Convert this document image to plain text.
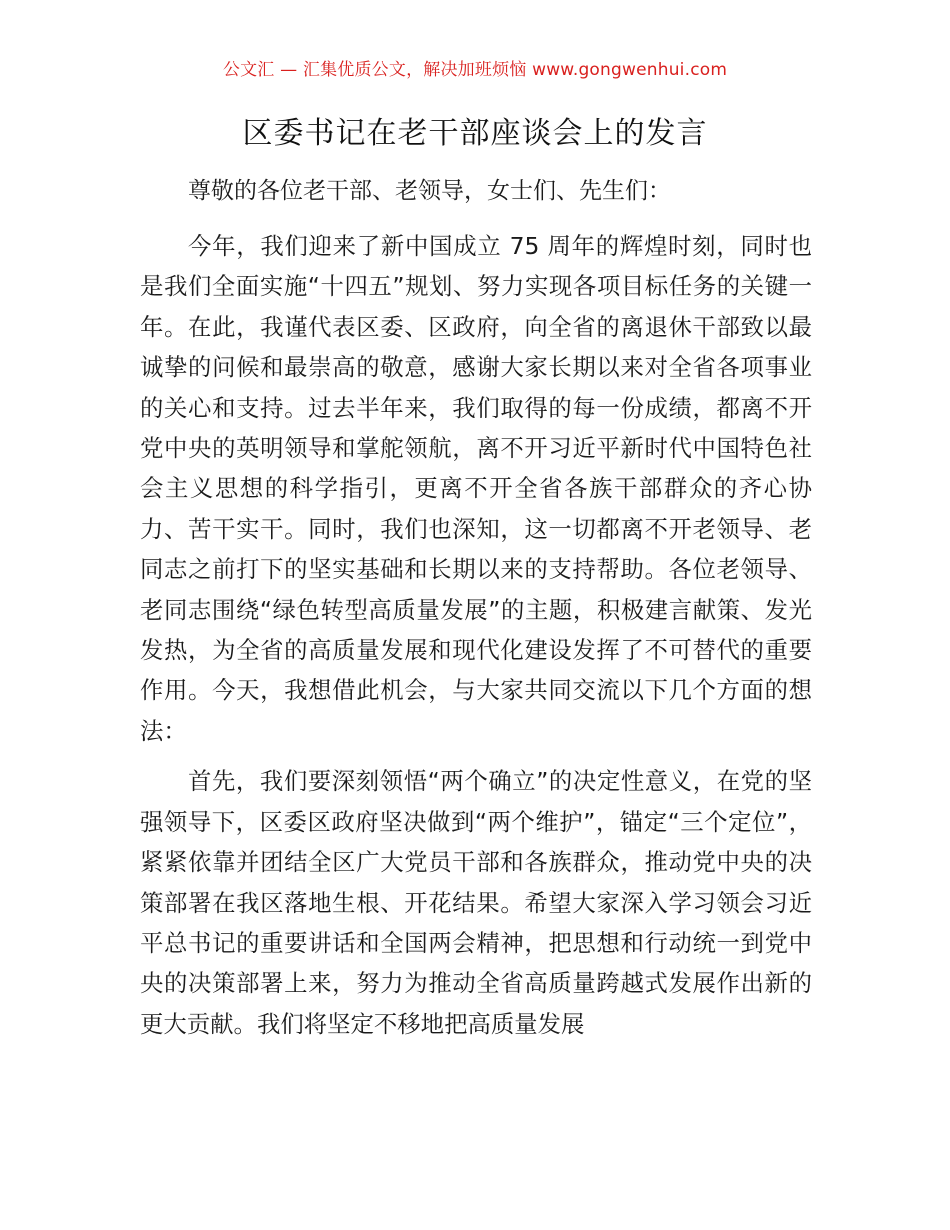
公文汇 — 汇集优质公文，解决加班烦恼 www.gongwenhui.com
区委书记在老干部座谈会上的发言

尊敬的各位老干部、老领导，女士们、先生们：

今年，我们迎来了新中国成立 75 周年的辉煌时刻，同时也是我们全面实施“十四五”规划、努力实现各项目标任务的关键一年。在此，我谨代表区委、区政府，向全省的离退休干部致以最诚挚的问候和最崇高的敬意，感谢大家长期以来对全省各项事业的关心和支持。过去半年来，我们取得的每一份成绩，都离不开党中央的英明领导和掌舵领航，离不开习近平新时代中国特色社会主义思想的科学指引，更离不开全省各族干部群众的齐心协力、苦干实干。同时，我们也深知，这一切都离不开老领导、老同志之前打下的坚实基础和长期以来的支持帮助。各位老领导、老同志围绕“绿色转型高质量发展”的主题，积极建言献策、发光发热，为全省的高质量发展和现代化建设发挥了不可替代的重要作用。今天，我想借此机会，与大家共同交流以下几个方面的想法：

首先，我们要深刻领悟“两个确立”的决定性意义，在党的坚强领导下，区委区政府坚决做到“两个维护”，锚定“三个定位”，紧紧依靠并团结全区广大党员干部和各族群众，推动党中央的决策部署在我区落地生根、开花结果。希望大家深入学习领会习近平总书记的重要讲话和全国两会精神，把思想和行动统一到党中央的决策部署上来，努力为推动全省高质量跨越式发展作出新的更大贡献。我们将坚定不移地把高质量发展
